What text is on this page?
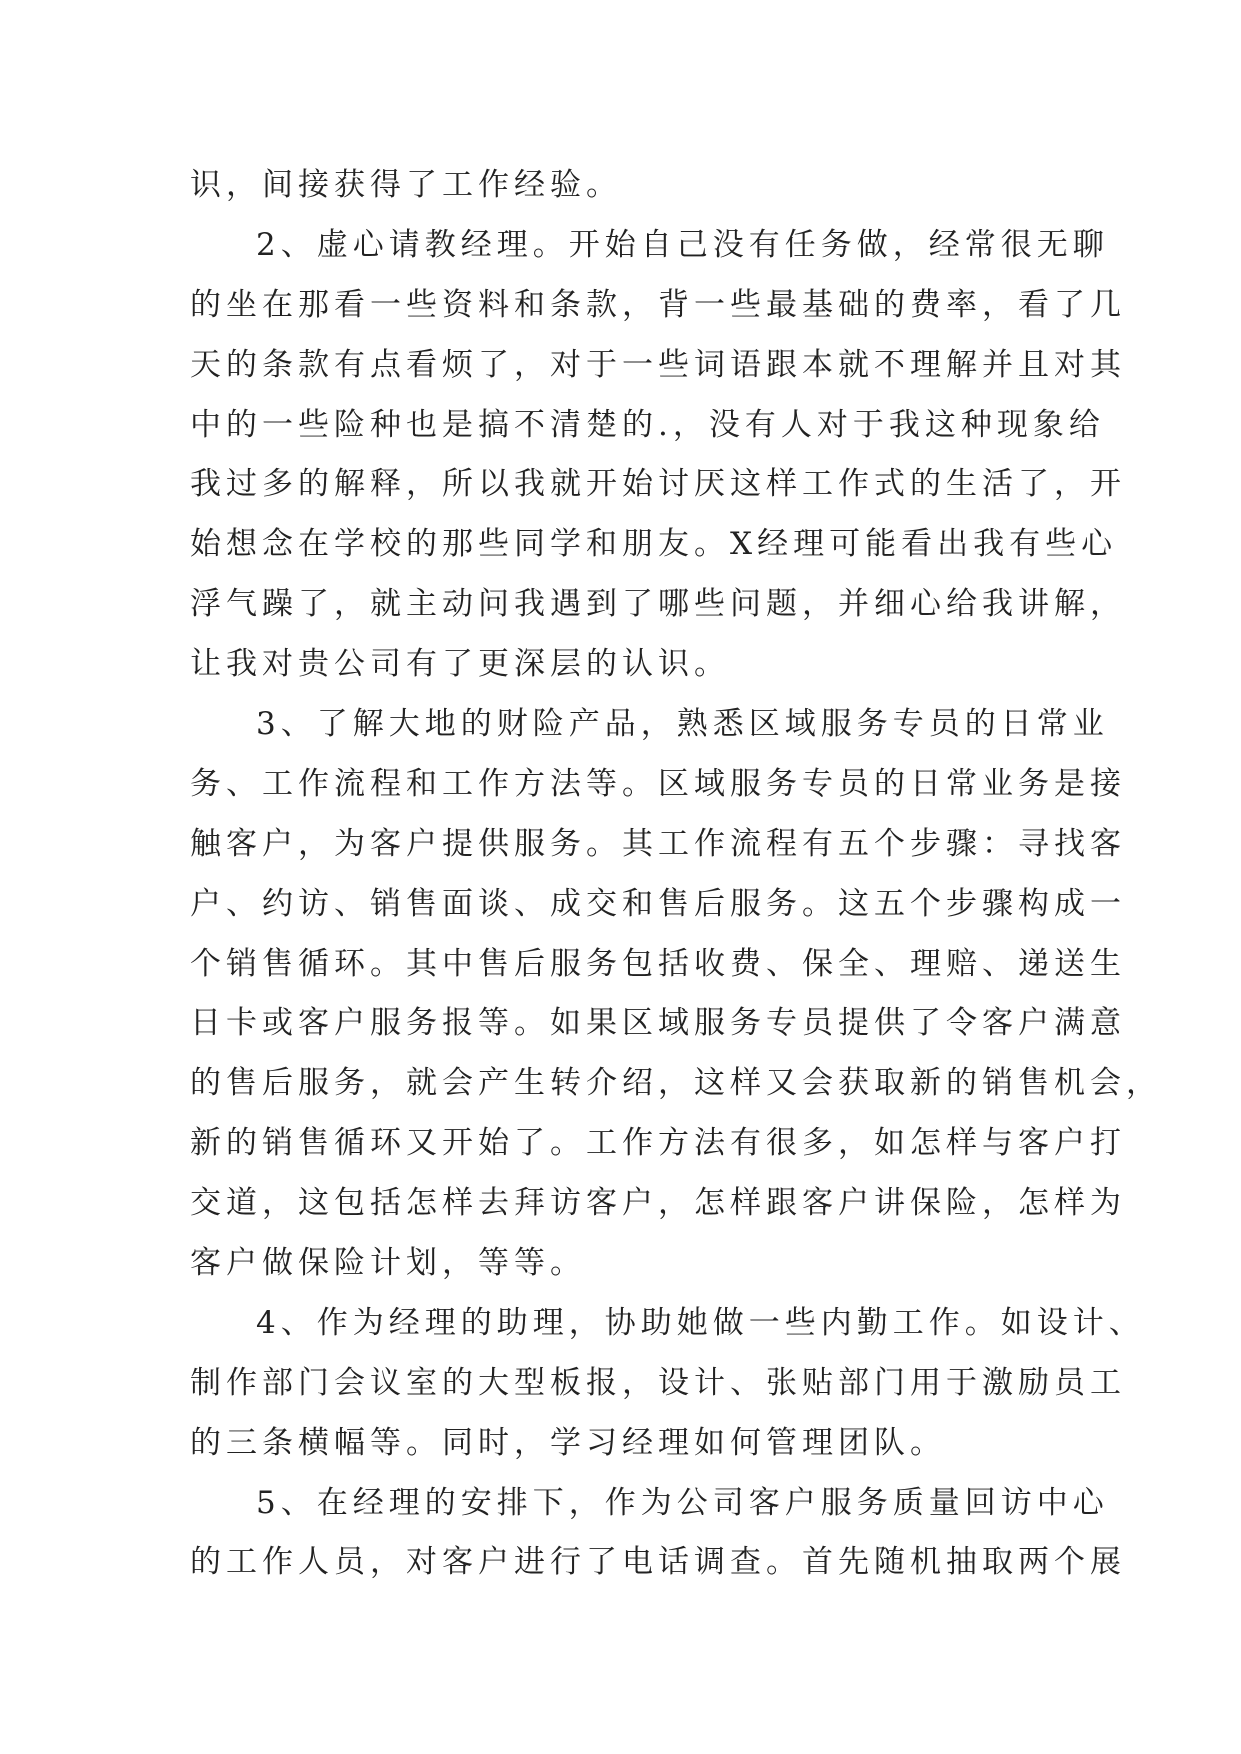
识，间接获得了工作经验。
2、虚心请教经理。开始自己没有任务做，经常很无聊
的坐在那看一些资料和条款，背一些最基础的费率，看了几
天的条款有点看烦了，对于一些词语跟本就不理解并且对其
中的一些险种也是搞不清楚的.，没有人对于我这种现象给
我过多的解释，所以我就开始讨厌这样工作式的生活了，开
始想念在学校的那些同学和朋友。X经理可能看出我有些心
浮气躁了，就主动问我遇到了哪些问题，并细心给我讲解，
让我对贵公司有了更深层的认识。
3、了解大地的财险产品，熟悉区域服务专员的日常业
务、工作流程和工作方法等。区域服务专员的日常业务是接
触客户，为客户提供服务。其工作流程有五个步骤：寻找客
户、约访、销售面谈、成交和售后服务。这五个步骤构成一
个销售循环。其中售后服务包括收费、保全、理赔、递送生
日卡或客户服务报等。如果区域服务专员提供了令客户满意
的售后服务，就会产生转介绍，这样又会获取新的销售机会，
新的销售循环又开始了。工作方法有很多，如怎样与客户打
交道，这包括怎样去拜访客户，怎样跟客户讲保险，怎样为
客户做保险计划，等等。
4、作为经理的助理，协助她做一些内勤工作。如设计、
制作部门会议室的大型板报，设计、张贴部门用于激励员工
的三条横幅等。同时，学习经理如何管理团队。
5、在经理的安排下，作为公司客户服务质量回访中心
的工作人员，对客户进行了电话调查。首先随机抽取两个展
